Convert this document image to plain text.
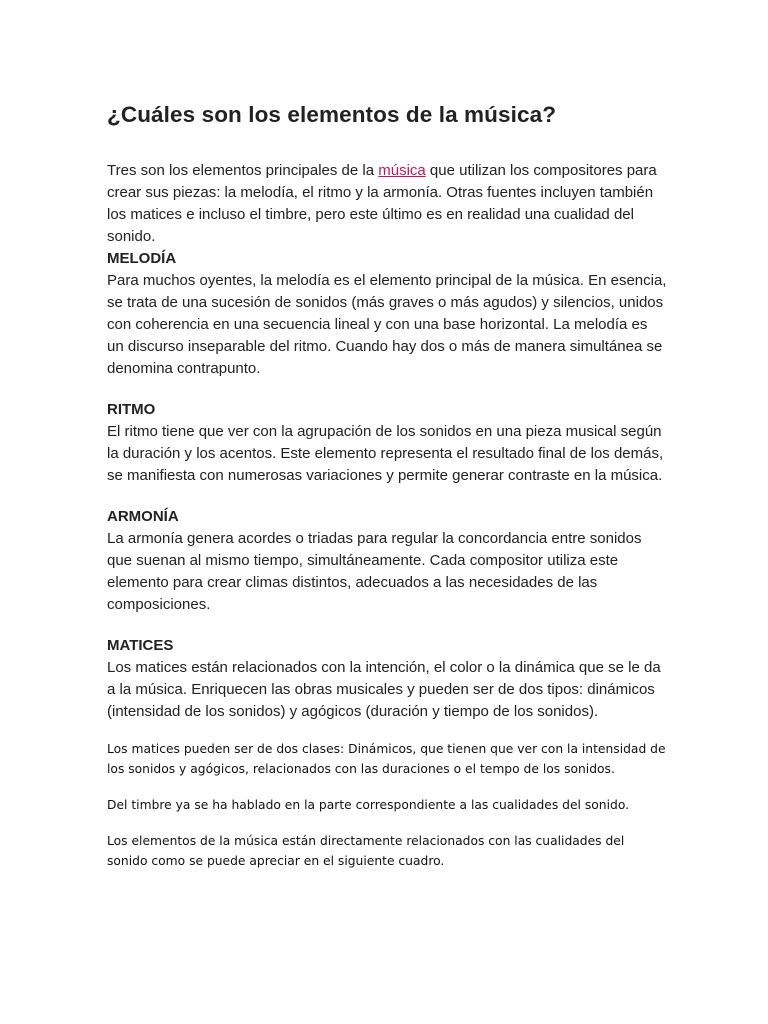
¿Cuáles son los elementos de la música?

Tres son los elementos principales de la música que utilizan los compositores para crear sus piezas: la melodía, el ritmo y la armonía. Otras fuentes incluyen también los matices e incluso el timbre, pero este último es en realidad una cualidad del sonido.

MELODÍA

Para muchos oyentes, la melodía es el elemento principal de la música. En esencia, se trata de una sucesión de sonidos (más graves o más agudos) y silencios, unidos con coherencia en una secuencia lineal y con una base horizontal. La melodía es un discurso inseparable del ritmo. Cuando hay dos o más de manera simultánea se denomina contrapunto.

RITMO

El ritmo tiene que ver con la agrupación de los sonidos en una pieza musical según la duración y los acentos. Este elemento representa el resultado final de los demás, se manifiesta con numerosas variaciones y permite generar contraste en la música.

ARMONÍA

La armonía genera acordes o triadas para regular la concordancia entre sonidos que suenan al mismo tiempo, simultáneamente. Cada compositor utiliza este elemento para crear climas distintos, adecuados a las necesidades de las composiciones.

MATICES

Los matices están relacionados con la intención, el color o la dinámica que se le da a la música. Enriquecen las obras musicales y pueden ser de dos tipos: dinámicos (intensidad de los sonidos) y agógicos (duración y tiempo de los sonidos).

Los matices pueden ser de dos clases: Dinámicos, que tienen que ver con la intensidad de los sonidos y agógicos, relacionados con las duraciones o el tempo de los sonidos.

Del timbre ya se ha hablado en la parte correspondiente a las cualidades del sonido.

Los elementos de la música están directamente relacionados con las cualidades del sonido como se puede apreciar en el siguiente cuadro.
